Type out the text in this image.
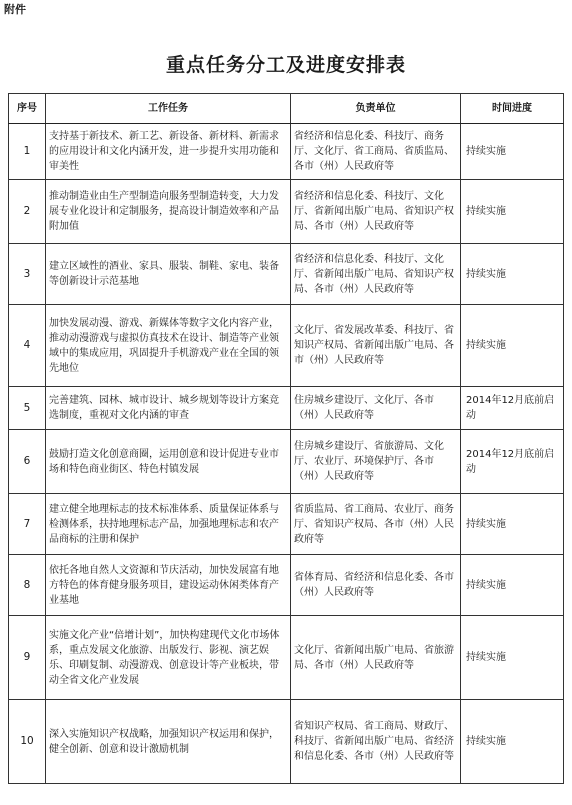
附件
重点任务分工及进度安排表
序号	工作任务	负责单位	时间进度
1	支持基于新技术、新工艺、新设备、新材料、新需求的应用设计和文化内涵开发，进一步提升实用功能和审美性	省经济和信息化委、科技厅、商务厅、文化厅、省工商局、省质监局、各市（州）人民政府等	持续实施
2	推动制造业由生产型制造向服务型制造转变，大力发展专业化设计和定制服务，提高设计制造效率和产品附加值	省经济和信息化委、科技厅、文化厅、省新闻出版广电局、省知识产权局、各市（州）人民政府等	持续实施
3	建立区域性的酒业、家具、服装、制鞋、家电、装备等创新设计示范基地	省经济和信息化委、科技厅、文化厅、省新闻出版广电局、省知识产权局、各市（州）人民政府等	持续实施
4	加快发展动漫、游戏、新媒体等数字文化内容产业，推动动漫游戏与虚拟仿真技术在设计、制造等产业领域中的集成应用，巩固提升手机游戏产业在全国的领先地位	文化厅、省发展改革委、科技厅、省知识产权局、省新闻出版广电局、各市（州）人民政府等	持续实施
5	完善建筑、园林、城市设计、城乡规划等设计方案竞选制度，重视对文化内涵的审查	住房城乡建设厅、文化厅、各市（州）人民政府等	2014年12月底前启动
6	鼓励打造文化创意商圈，运用创意和设计促进专业市场和特色商业街区、特色村镇发展	住房城乡建设厅、省旅游局、文化厅、农业厅、环境保护厅、各市（州）人民政府等	2014年12月底前启动
7	建立健全地理标志的技术标准体系、质量保证体系与检测体系，扶持地理标志产品，加强地理标志和农产品商标的注册和保护	省质监局、省工商局、农业厅、商务厅、省知识产权局、各市（州）人民政府等	持续实施
8	依托各地自然人文资源和节庆活动，加快发展富有地方特色的体育健身服务项目，建设运动休闲类体育产业基地	省体育局、省经济和信息化委、各市（州）人民政府等	持续实施
9	实施文化产业“倍增计划”，加快构建现代文化市场体系，重点发展文化旅游、出版发行、影视、演艺娱乐、印刷复制、动漫游戏、创意设计等产业板块，带动全省文化产业发展	文化厅、省新闻出版广电局、省旅游局、各市（州）人民政府等	持续实施
10	深入实施知识产权战略，加强知识产权运用和保护，健全创新、创意和设计激励机制	省知识产权局、省工商局、财政厅、科技厅、省新闻出版广电局、省经济和信息化委、各市（州）人民政府等	持续实施
